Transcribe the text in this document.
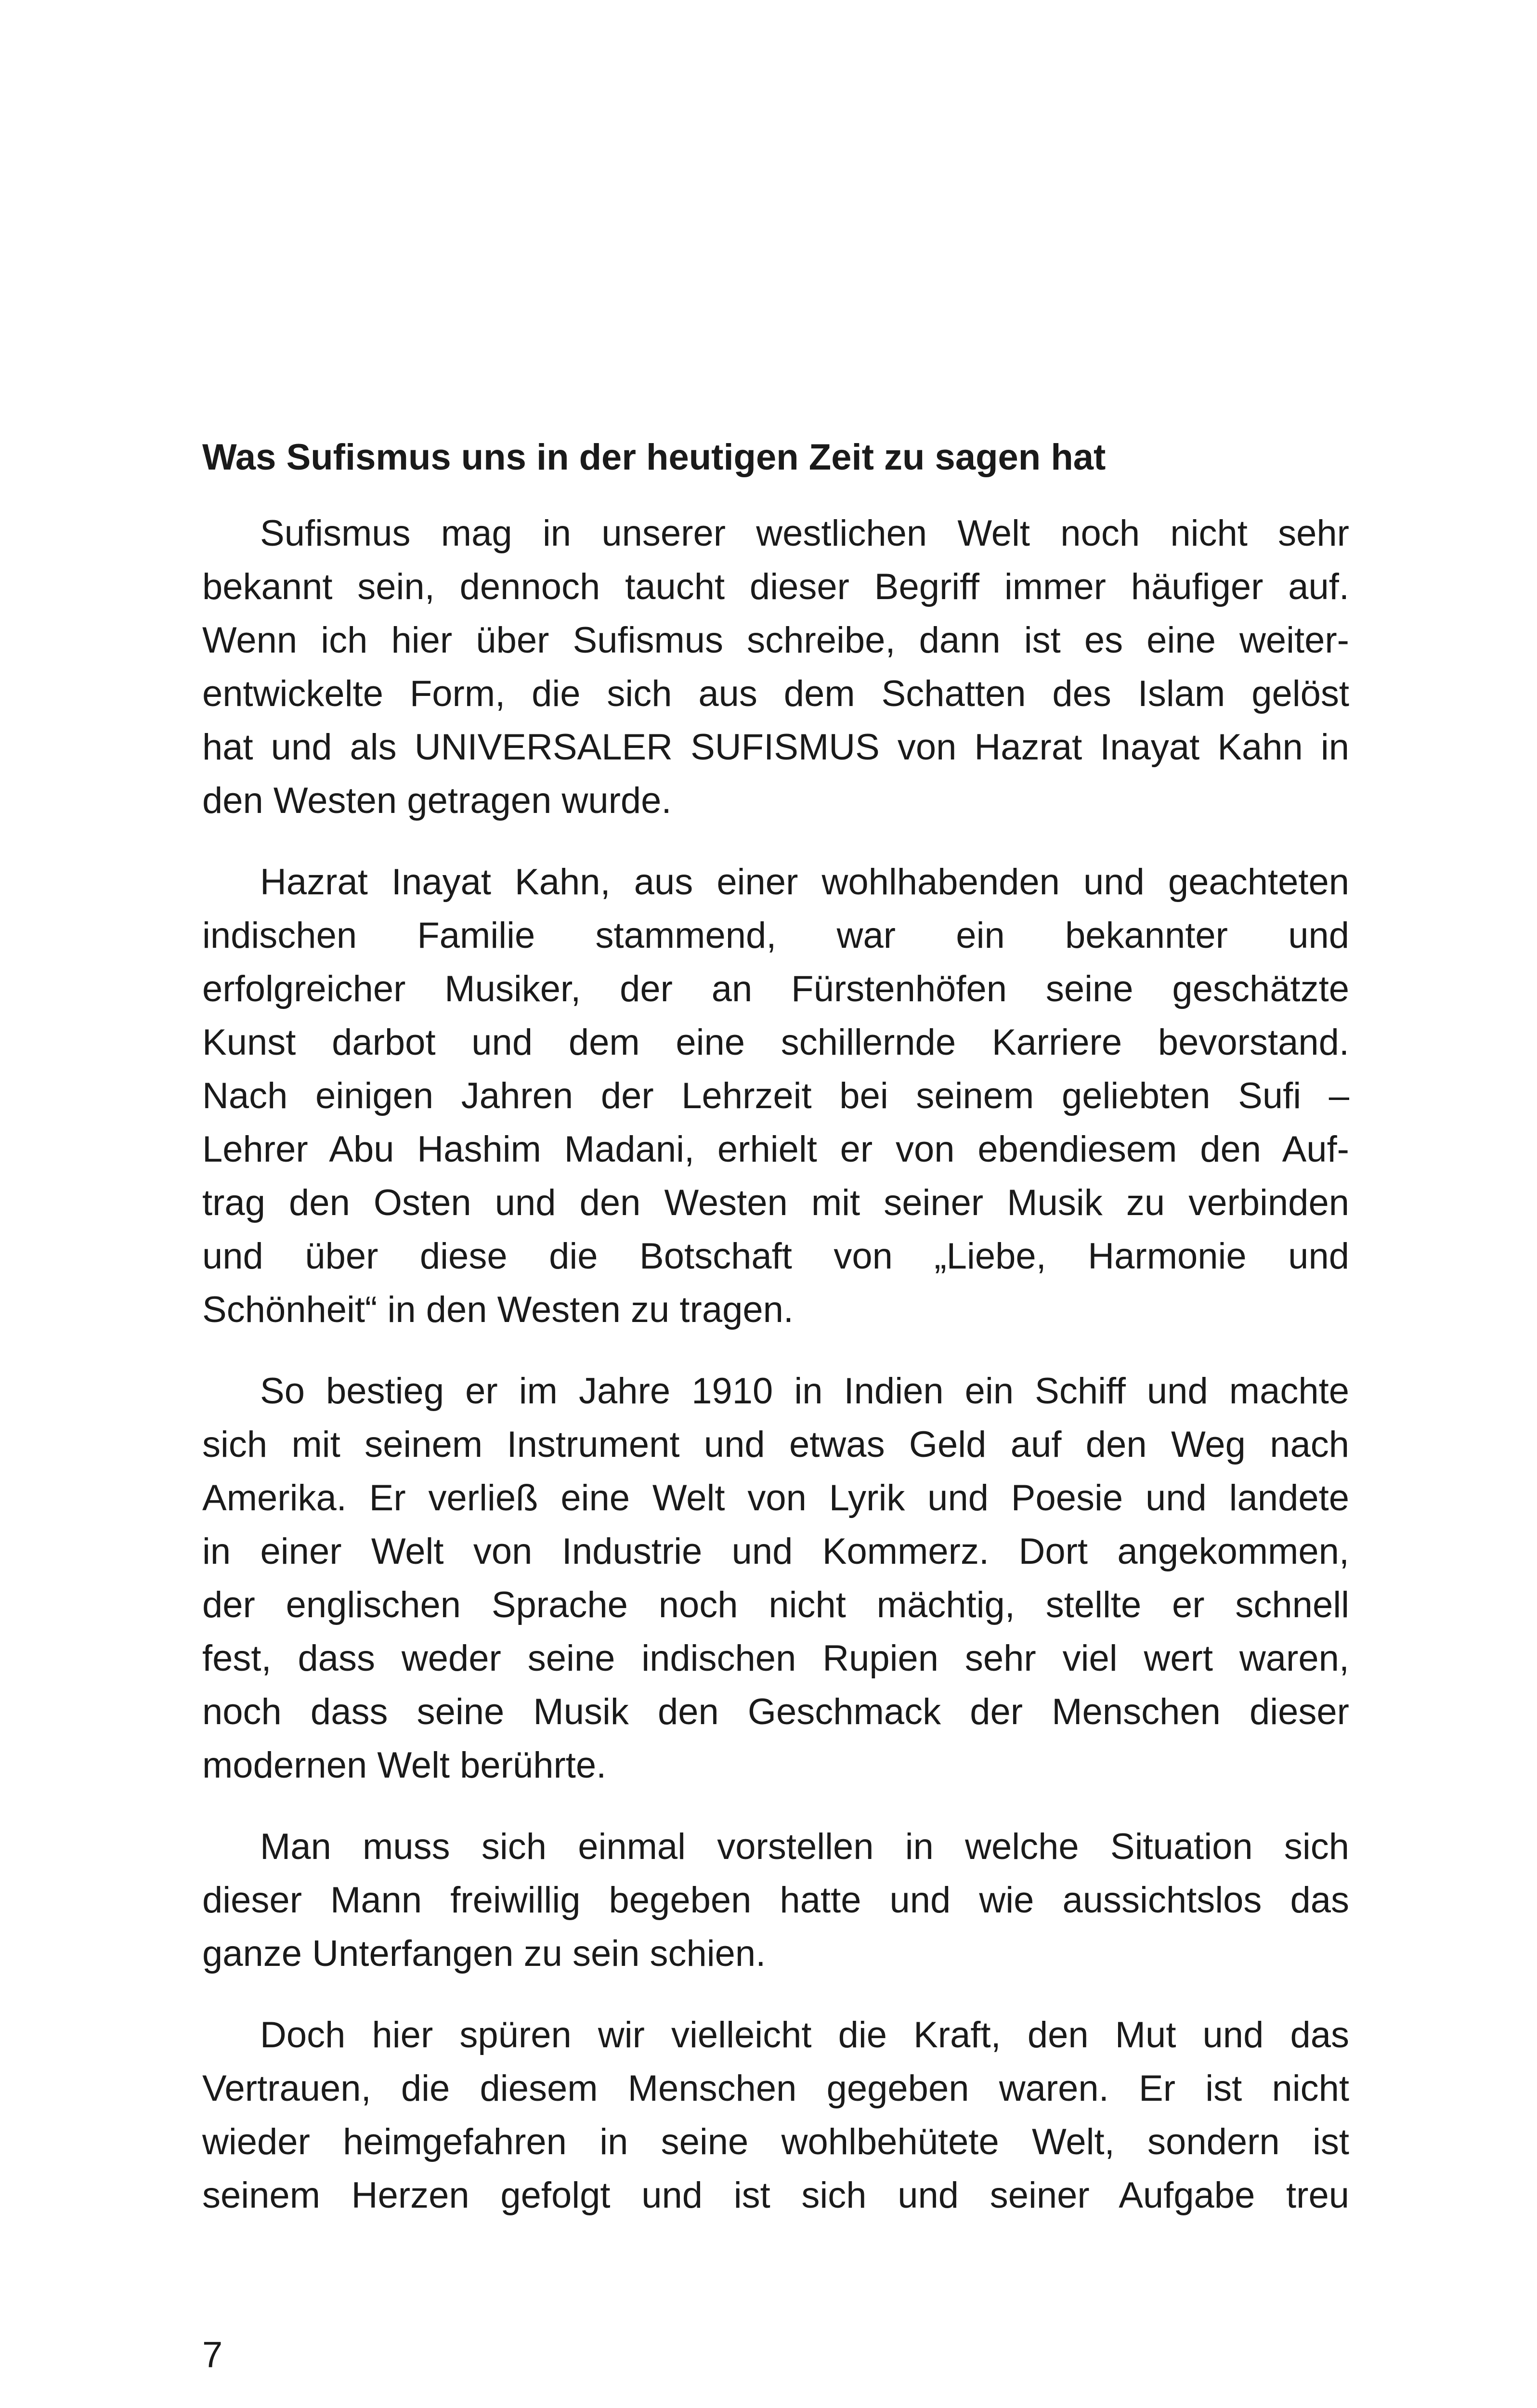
Was Sufismus uns in der heutigen Zeit zu sagen hat
Sufismus mag in unserer westlichen Welt noch nicht sehr
bekannt sein, dennoch taucht dieser Begriff immer häufiger auf.
Wenn ich hier über Sufismus schreibe, dann ist es eine weiter-
entwickelte Form, die sich aus dem Schatten des Islam gelöst
hat und als UNIVERSALER SUFISMUS von Hazrat Inayat Kahn in
den Westen getragen wurde.
Hazrat Inayat Kahn, aus einer wohlhabenden und geachteten
indischen Familie stammend, war ein bekannter und
erfolgreicher Musiker, der an Fürstenhöfen seine geschätzte
Kunst darbot und dem eine schillernde Karriere bevorstand.
Nach einigen Jahren der Lehrzeit bei seinem geliebten Sufi –
Lehrer Abu Hashim Madani, erhielt er von ebendiesem den Auf-
trag den Osten und den Westen mit seiner Musik zu verbinden
und über diese die Botschaft von „Liebe, Harmonie und
Schönheit“ in den Westen zu tragen.
So bestieg er im Jahre 1910 in Indien ein Schiff und machte
sich mit seinem Instrument und etwas Geld auf den Weg nach
Amerika. Er verließ eine Welt von Lyrik und Poesie und landete
in einer Welt von Industrie und Kommerz. Dort angekommen,
der englischen Sprache noch nicht mächtig, stellte er schnell
fest, dass weder seine indischen Rupien sehr viel wert waren,
noch dass seine Musik den Geschmack der Menschen dieser
modernen Welt berührte.
Man muss sich einmal vorstellen in welche Situation sich
dieser Mann freiwillig begeben hatte und wie aussichtslos das
ganze Unterfangen zu sein schien.
Doch hier spüren wir vielleicht die Kraft, den Mut und das
Vertrauen, die diesem Menschen gegeben waren. Er ist nicht
wieder heimgefahren in seine wohlbehütete Welt, sondern ist
seinem Herzen gefolgt und ist sich und seiner Aufgabe treu
7
